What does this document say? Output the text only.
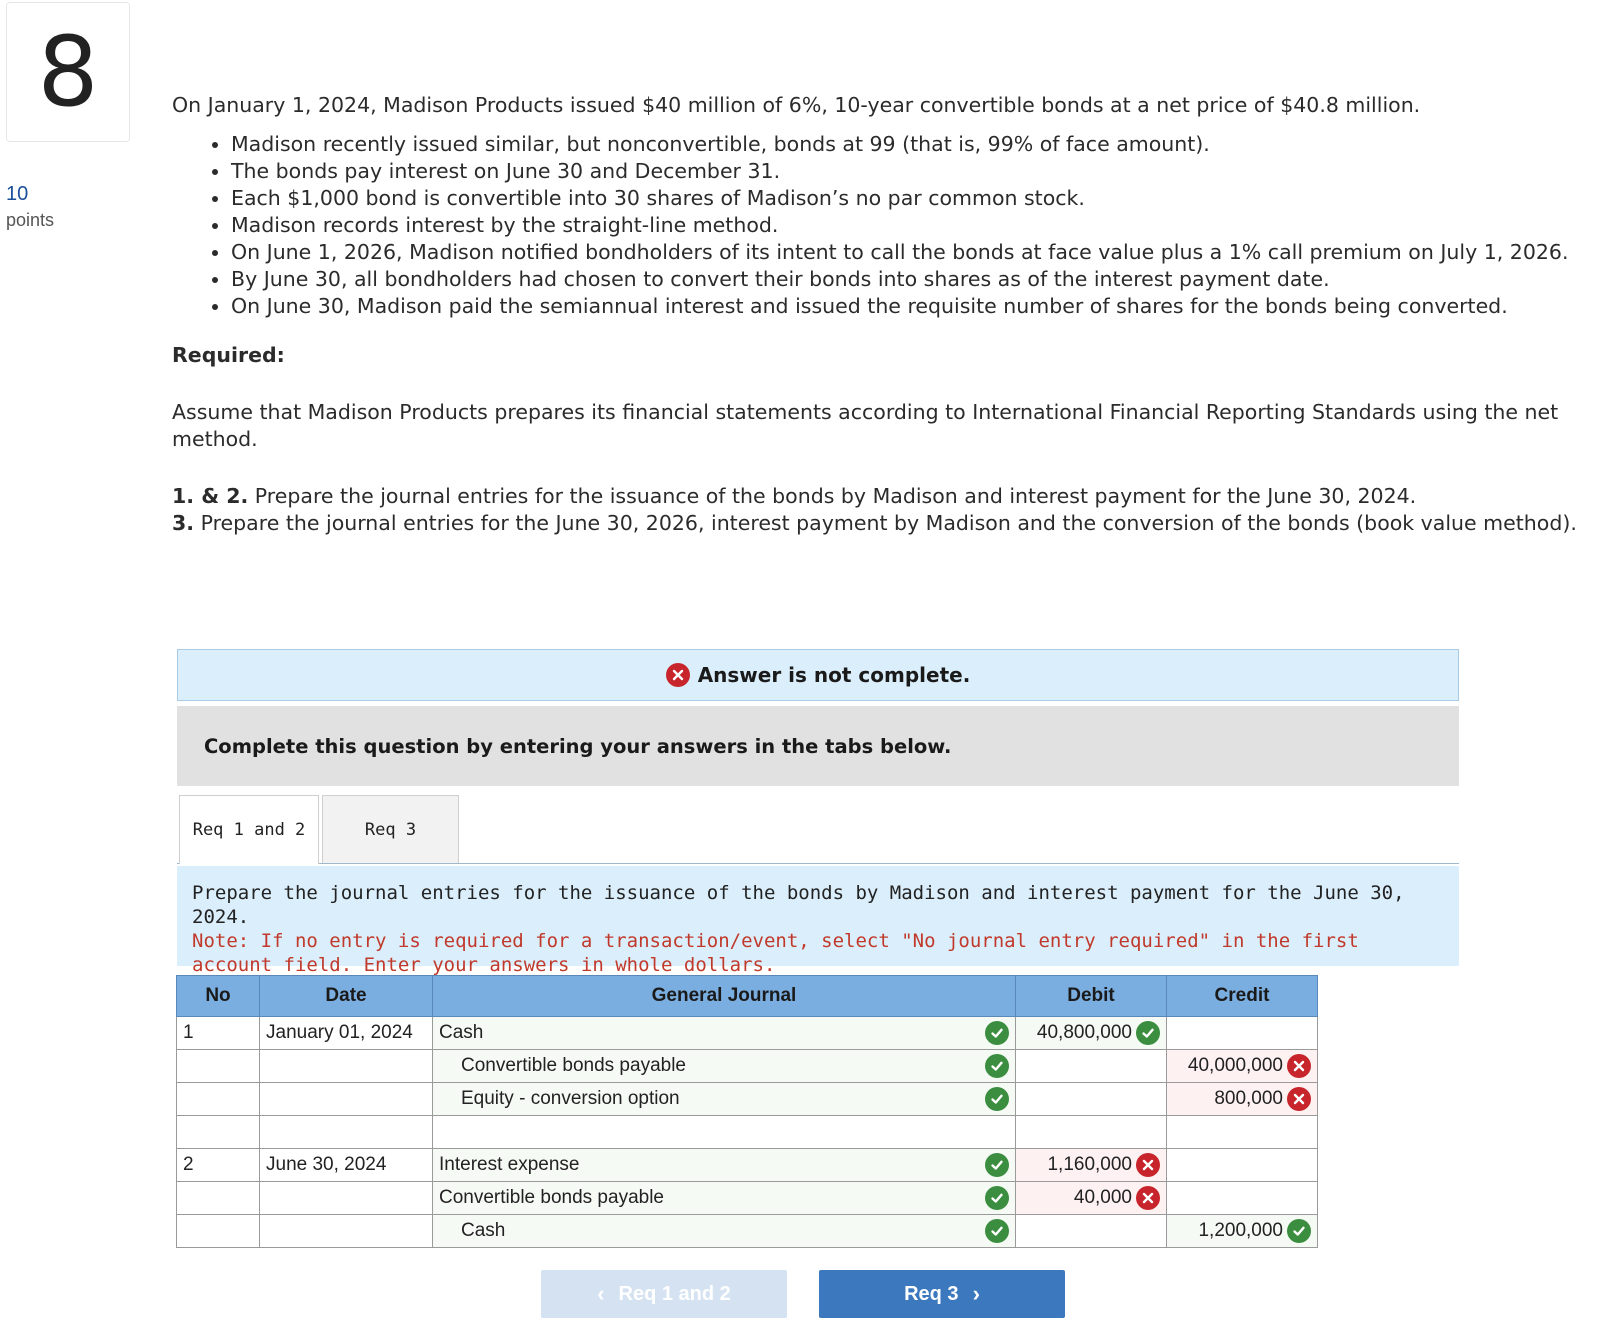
8
10
points

On January 1, 2024, Madison Products issued $40 million of 6%, 10-year convertible bonds at a net price of $40.8 million.

• Madison recently issued similar, but nonconvertible, bonds at 99 (that is, 99% of face amount).
• The bonds pay interest on June 30 and December 31.
• Each $1,000 bond is convertible into 30 shares of Madison’s no par common stock.
• Madison records interest by the straight-line method.
• On June 1, 2026, Madison notified bondholders of its intent to call the bonds at face value plus a 1% call premium on July 1, 2026.
• By June 30, all bondholders had chosen to convert their bonds into shares as of the interest payment date.
• On June 30, Madison paid the semiannual interest and issued the requisite number of shares for the bonds being converted.

Required:

Assume that Madison Products prepares its financial statements according to International Financial Reporting Standards using the net method.

1. & 2. Prepare the journal entries for the issuance of the bonds by Madison and interest payment for the June 30, 2024.

3. Prepare the journal entries for the June 30, 2026, interest payment by Madison and the conversion of the bonds (book value method).

Answer is not complete.
Complete this question by entering your answers in the tabs below.
Req 1 and 2	Req 3

Prepare the journal entries for the issuance of the bonds by Madison and interest payment for the June 30, 2024.

Note: If no entry is required for a transaction/event, select "No journal entry required" in the first account field. Enter your answers in whole dollars.

No	Date	General Journal	Debit	Credit
1	January 01, 2024	Cash	40,800,000

		Convertible bonds payable		40,000,000

		Equity - conversion option		800,000

2	June 30, 2024	Interest expense	1,160,000

		Convertible bonds payable	40,000

		Cash		1,200,000
‹ Req 1 and 2	Req 3 ›
